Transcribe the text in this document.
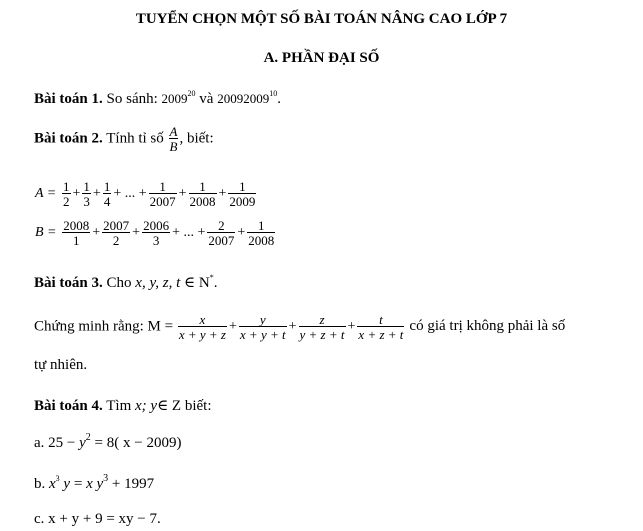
TUYỂN CHỌN MỘT SỐ BÀI TOÁN NÂNG CAO LỚP 7
A. PHẦN ĐẠI SỐ
Bài toán 1. So sánh: 2009$^{20}$ và 20092009$^{10}$.
Bài toán 2. Tính tỉ số $\frac{A}{B}$ , biết:
$A = \frac{1}{2} + \frac{1}{3} + \frac{1}{4}$ + ... + $\frac{1}{2007} + \frac{1}{2008} + \frac{1}{2009}$
$B = \frac{2008}{1} + \frac{2007}{2} + \frac{2006}{3}$ + ... + $\frac{2}{2007} + \frac{1}{2008}$
Bài toán 3. Cho x, y, z, t ∈ N*.
Chứng minh rằng: $M = \frac{x}{x + y + z} + \frac{y}{x + y + t} + \frac{z}{y + z + t} + \frac{t}{x + z + t}$ có giá trị không phải là số
tự nhiên.
Bài toán 4. Tìm x; y∈ Z biết:
a. $25 - y^2 = 8$( x − 2009)
b. $x^3$ y = x $y^3 + 1997$
c. x + y + 9 = xy − 7.
